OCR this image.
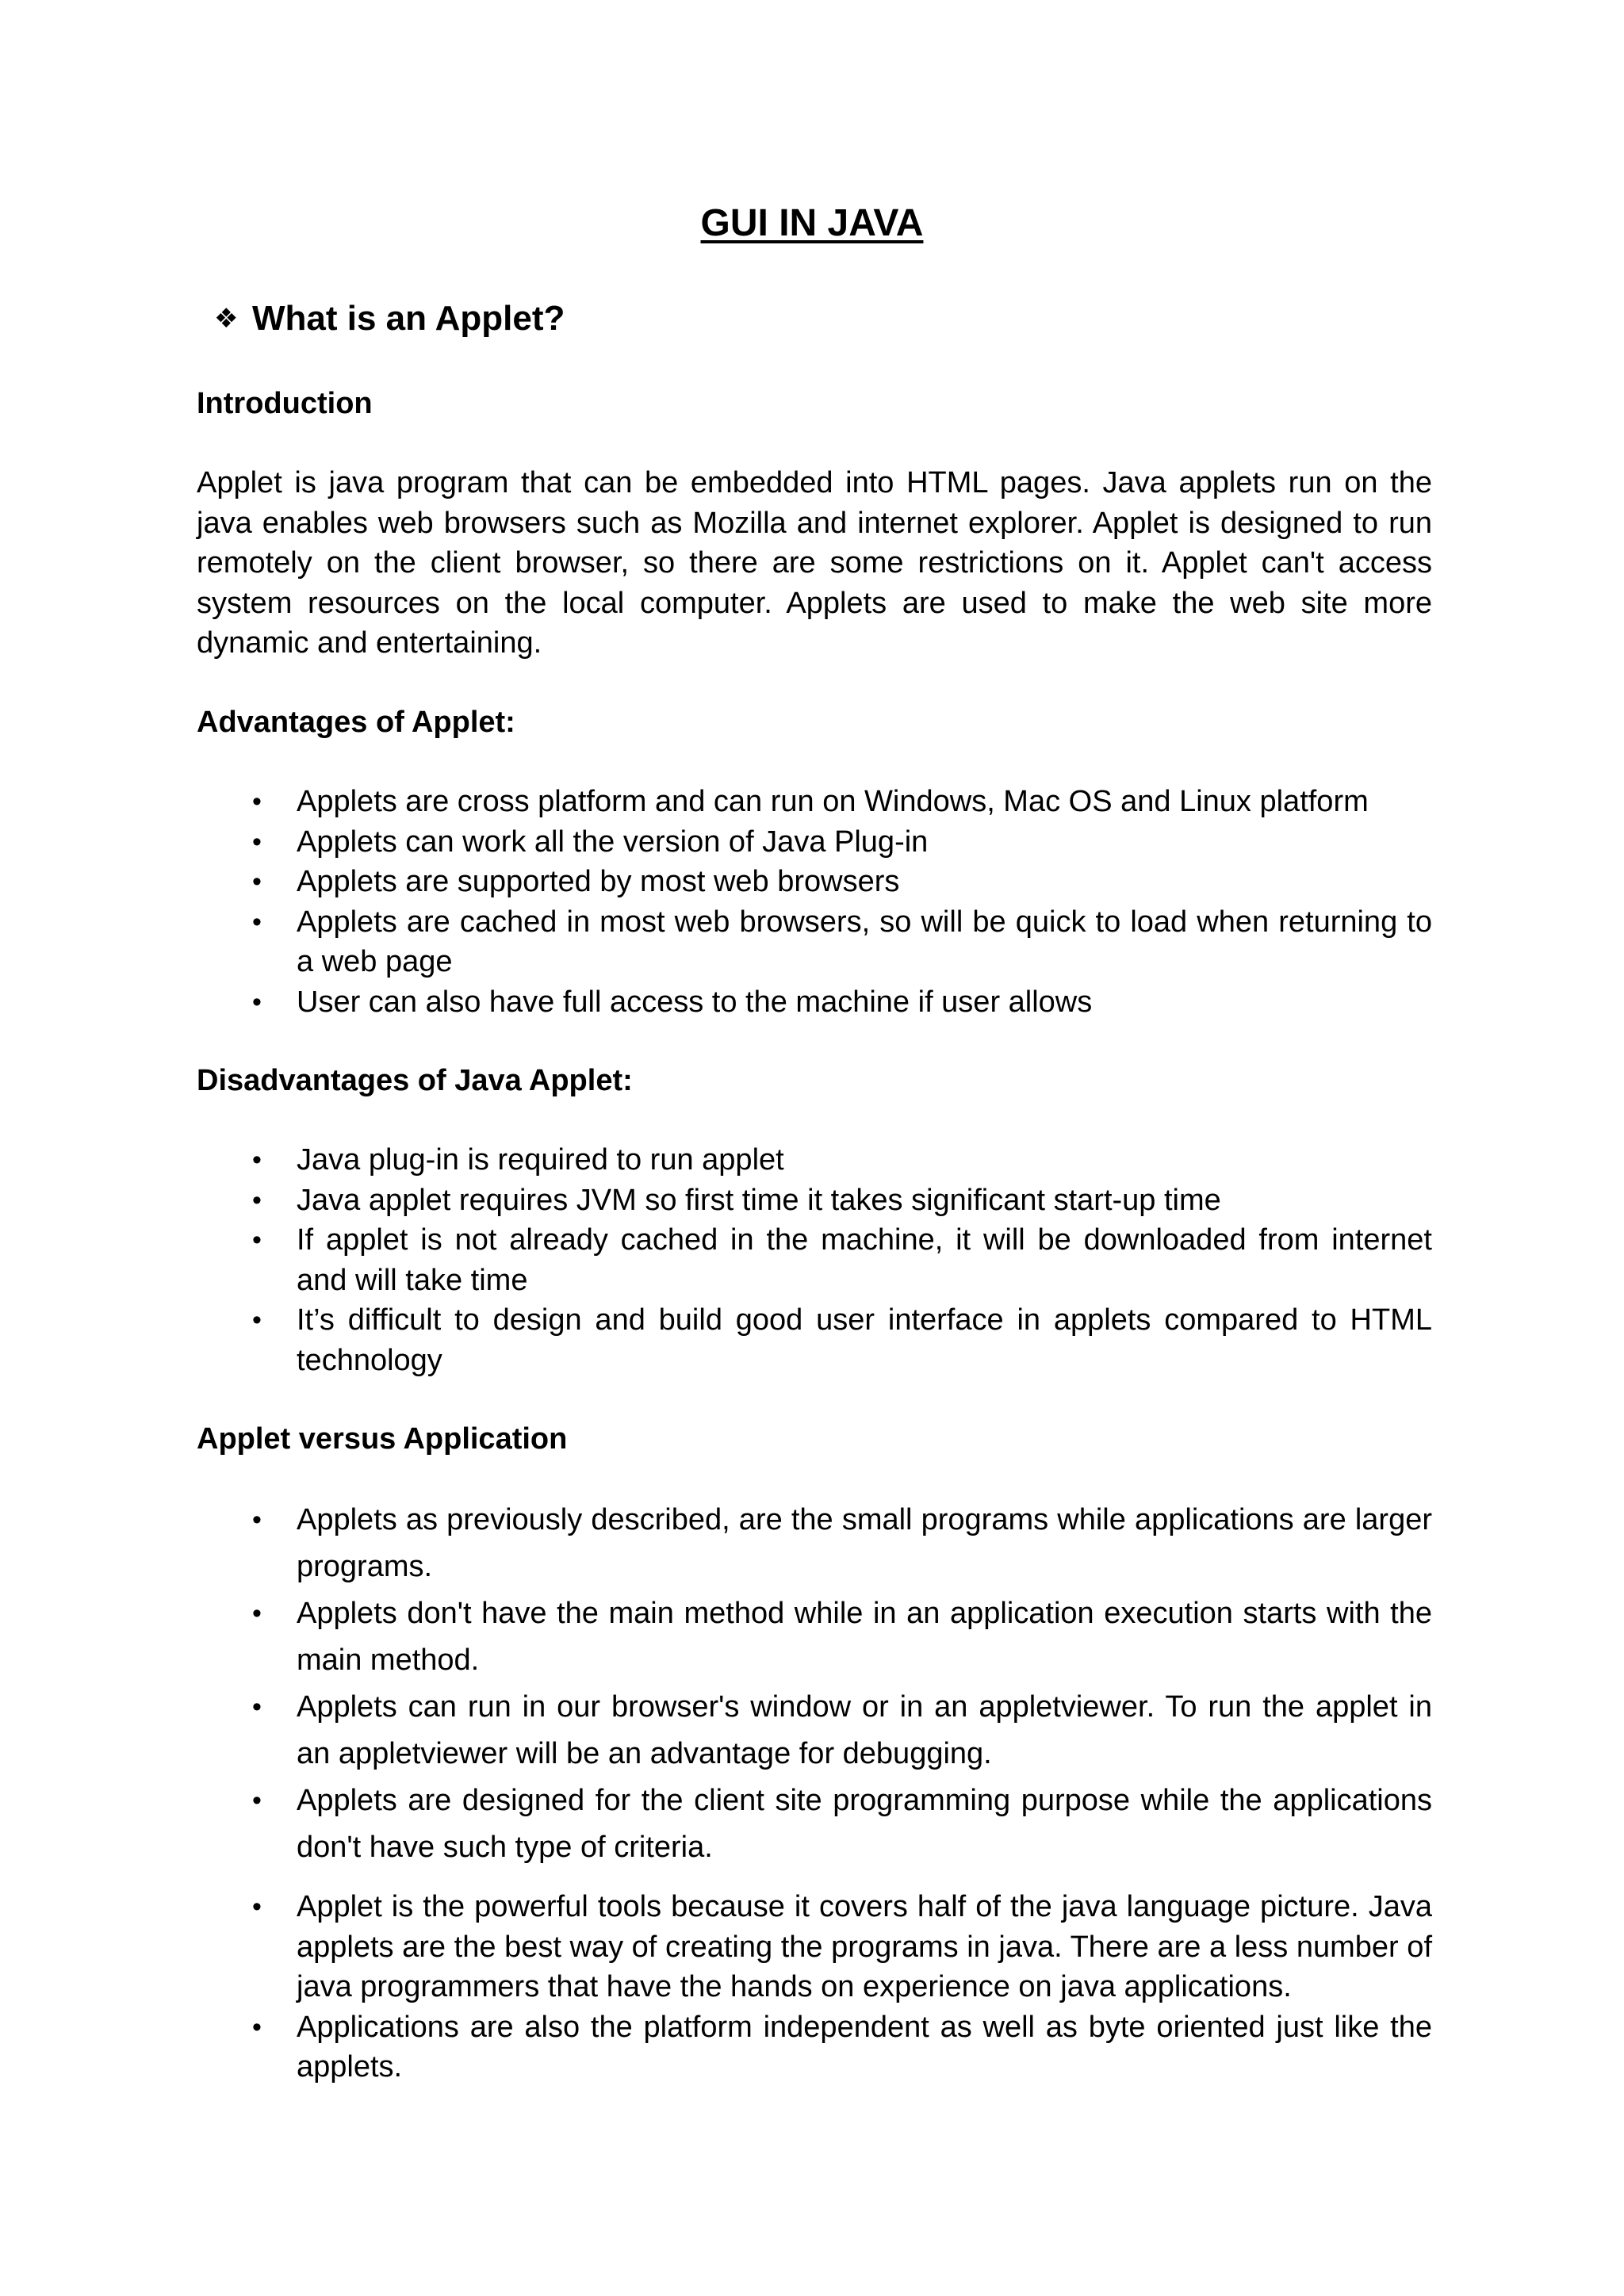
GUI IN JAVA
❖ What is an Applet?
Introduction
Applet is java program that can be embedded into HTML pages. Java applets run on the java enables web browsers such as Mozilla and internet explorer. Applet is designed to run remotely on the client browser, so there are some restrictions on it. Applet can't access system resources on the local computer. Applets are used to make the web site more dynamic and entertaining.
Advantages of Applet:
• Applets are cross platform and can run on Windows, Mac OS and Linux platform
• Applets can work all the version of Java Plug-in
• Applets are supported by most web browsers
• Applets are cached in most web browsers, so will be quick to load when returning to a web page
• User can also have full access to the machine if user allows
Disadvantages of Java Applet:
• Java plug-in is required to run applet
• Java applet requires JVM so first time it takes significant start-up time
• If applet is not already cached in the machine, it will be downloaded from internet and will take time
• It’s difficult to design and build good user interface in applets compared to HTML technology
Applet versus Application
• Applets as previously described, are the small programs while applications are larger programs.
• Applets don't have the main method while in an application execution starts with the main method.
• Applets can run in our browser's window or in an appletviewer. To run the applet in an appletviewer will be an advantage for debugging.
• Applets are designed for the client site programming purpose while the applications don't have such type of criteria.
• Applet is the powerful tools because it covers half of the java language picture. Java applets are the best way of creating the programs in java. There are a less number of java programmers that have the hands on experience on java applications.
• Applications are also the platform independent as well as byte oriented just like the applets.
